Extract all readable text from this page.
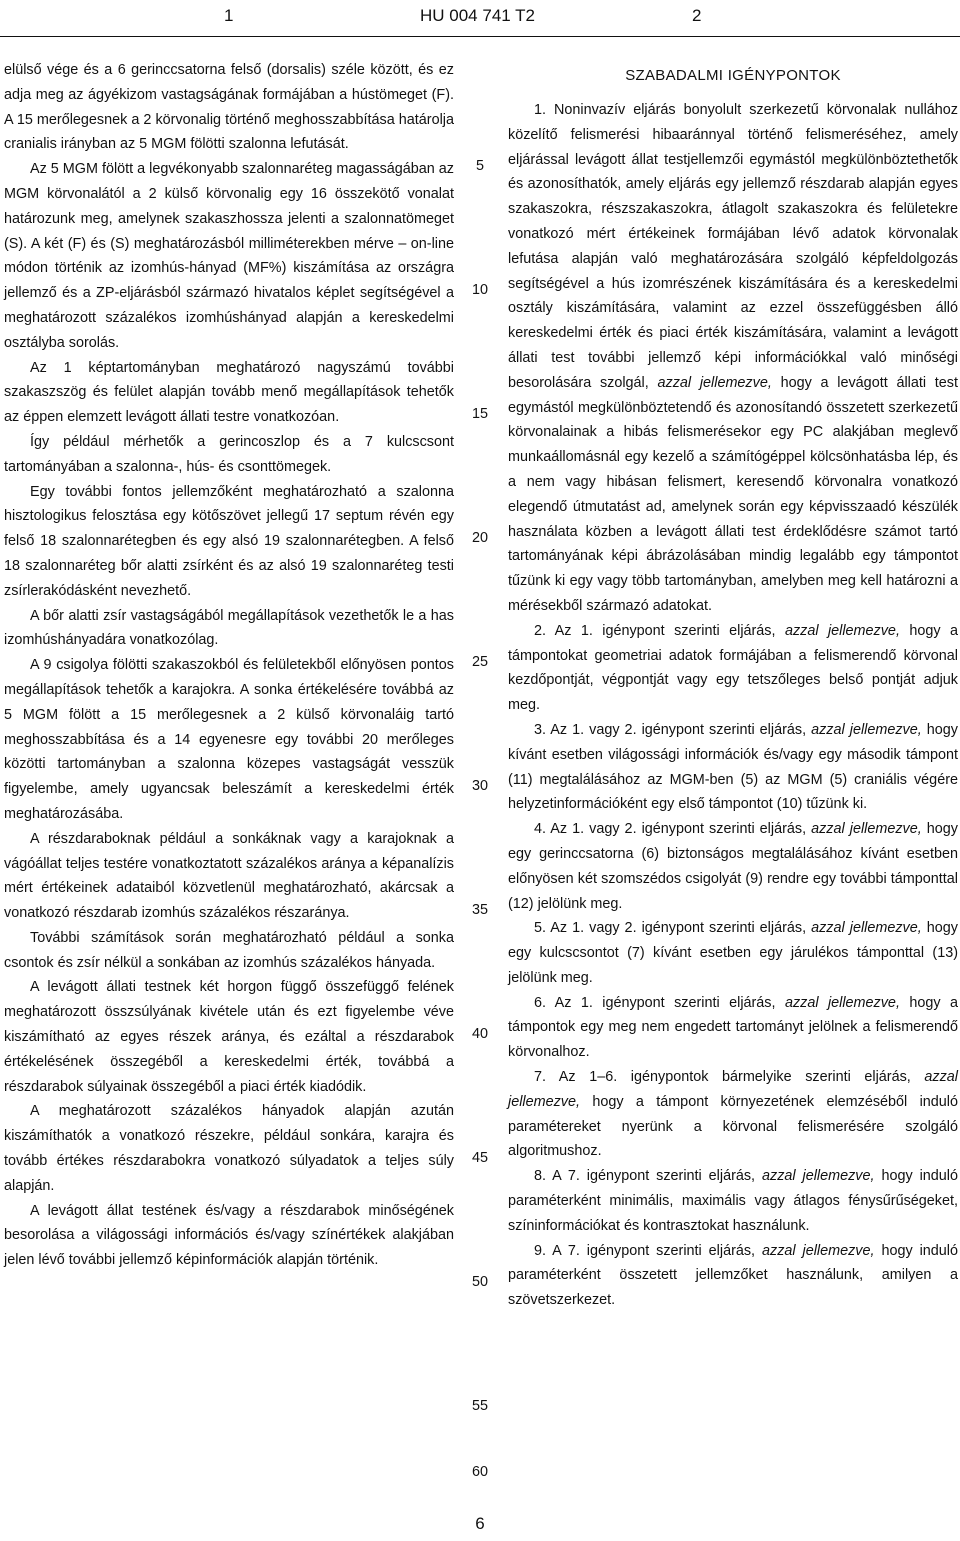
1	HU 004 741 T2	2

elülső vége és a 6 gerinccsatorna felső (dorsalis) széle között, és ez adja meg az ágyékizom vastagságának formájában a hústömeget (F). A 15 merőlegesnek a 2 körvonalig történő meghosszabbítása határolja cranialis irányban az 5 MGM fölötti szalonna lefutását.

Az 5 MGM fölött a legvékonyabb szalonnaréteg magasságában az MGM körvonalától a 2 külső körvonalig egy 16 összekötő vonalat határozunk meg, amelynek szakaszhossza jelenti a szalonnatömeget (S). A két (F) és (S) meghatározásból milliméterekben mérve – on-line módon történik az izomhús-hányad (MF%) kiszámítása az országra jellemző és a ZP-eljárásból származó hivatalos képlet segítségével a meghatározott százalékos izomhúshányad alapján a kereskedelmi osztályba sorolás.

Az 1 képtartományban meghatározó nagyszámú további szakaszszög és felület alapján tovább menő megállapítások tehetők az éppen elemzett levágott állati testre vonatkozóan.

Így például mérhetők a gerincoszlop és a 7 kulcscsont tartományában a szalonna-, hús- és csonttömegek.

Egy további fontos jellemzőként meghatározható a szalonna hisztologikus felosztása egy kötőszövet jellegű 17 septum révén egy felső 18 szalonnarétegben és egy alsó 19 szalonnarétegben. A felső 18 szalonnaréteg bőr alatti zsírként és az alsó 19 szalonnaréteg testi zsírlerakódásként nevezhető.

A bőr alatti zsír vastagságából megállapítások vezethetők le a has izomhúshányadára vonatkozólag.

A 9 csigolya fölötti szakaszokból és felületekből előnyösen pontos megállapítások tehetők a karajokra. A sonka értékelésére továbbá az 5 MGM fölött a 15 merőlegesnek a 2 külső körvonaláig tartó meghosszabbítása és a 14 egyenesre egy további 20 merőleges közötti tartományban a szalonna közepes vastagságát vesszük figyelembe, amely ugyancsak beleszámít a kereskedelmi érték meghatározásába.

A részdaraboknak például a sonkáknak vagy a karajoknak a vágóállat teljes testére vonatkoztatott százalékos aránya a képanalízis mért értékeinek adataiból közvetlenül meghatározható, akárcsak a vonatkozó részdarab izomhús százalékos részaránya.

További számítások során meghatározható például a sonka csontok és zsír nélkül a sonkában az izomhús százalékos hányada.

A levágott állati testnek két horgon függő összefüggő felének meghatározott összsúlyának kivétele után és ezt figyelembe véve kiszámítható az egyes részek aránya, és ezáltal a részdarabok értékelésének összegéből a kereskedelmi érték, továbbá a részdarabok súlyainak összegéből a piaci érték kiadódik.

A meghatározott százalékos hányadok alapján azután kiszámíthatók a vonatkozó részekre, például sonkára, karajra és tovább értékes részdarabokra vonatkozó súlyadatok a teljes súly alapján.

A levágott állat testének és/vagy a részdarabok minőségének besorolása a világossági információs és/vagy színértékek alakjában jelen lévő további jellemző képinformációk alapján történik.

SZABADALMI IGÉNYPONTOK

1. Noninvazív eljárás bonyolult szerkezetű körvonalak nullához közelítő felismerési hibaaránnyal történő felismeréséhez, amely eljárással levágott állat testjellemzői egymástól megkülönböztethetők és azonosíthatók, amely eljárás egy jellemző részdarab alapján egyes szakaszokra, részszakaszokra, átlagolt szakaszokra és felületekre vonatkozó mért értékeinek formájában lévő adatok körvonalak lefutása alapján való meghatározására szolgáló képfeldolgozás segítségével a hús izomrészének kiszámítására és a kereskedelmi osztály kiszámítására, valamint az ezzel összefüggésben álló kereskedelmi érték és piaci érték kiszámítására, valamint a levágott állati test további jellemző képi információkkal való minőségi besorolására szolgál, azzal jellemezve, hogy a levágott állati test egymástól megkülönböztetendő és azonosítandó összetett szerkezetű körvonalainak a hibás felismerésekor egy PC alakjában meglevő munkaállomásnál egy kezelő a számítógéppel kölcsönhatásba lép, és a nem vagy hibásan felismert, keresendő körvonalra vonatkozó elegendő útmutatást ad, amelynek során egy képvisszaadó készülék használata közben a levágott állati test érdeklődésre számot tartó tartományának képi ábrázolásában mindig legalább egy támpontot tűzünk ki egy vagy több tartományban, amelyben meg kell határozni a mérésekből származó adatokat.

2. Az 1. igénypont szerinti eljárás, azzal jellemezve, hogy a támpontokat geometriai adatok formájában a felismerendő körvonal kezdőpontját, végpontját vagy egy tetszőleges belső pontját adjuk meg.

3. Az 1. vagy 2. igénypont szerinti eljárás, azzal jellemezve, hogy kívánt esetben világossági információk és/vagy egy második támpont (11) megtalálásához az MGM-ben (5) az MGM (5) craniális végére helyzetinformációként egy első támpontot (10) tűzünk ki.

4. Az 1. vagy 2. igénypont szerinti eljárás, azzal jellemezve, hogy egy gerinccsatorna (6) biztonságos megtalálásához kívánt esetben előnyösen két szomszédos csigolyát (9) rendre egy további támponttal (12) jelölünk meg.

5. Az 1. vagy 2. igénypont szerinti eljárás, azzal jellemezve, hogy egy kulcscsontot (7) kívánt esetben egy járulékos támponttal (13) jelölünk meg.

6. Az 1. igénypont szerinti eljárás, azzal jellemezve, hogy a támpontok egy meg nem engedett tartományt jelölnek a felismerendő körvonalhoz.

7. Az 1–6. igénypontok bármelyike szerinti eljárás, azzal jellemezve, hogy a támpont környezetének elemzéséből induló paramétereket nyerünk a körvonal felismerésére szolgáló algoritmushoz.

8. A 7. igénypont szerinti eljárás, azzal jellemezve, hogy induló paraméterként minimális, maximális vagy átlagos fénysűrűségeket, színinformációkat és kontrasztokat használunk.

9. A 7. igénypont szerinti eljárás, azzal jellemezve, hogy induló paraméterként összetett jellemzőket használunk, amilyen a szövetszerkezet.

5
10
15
20
25
30
35
40
45
50
55
60
6
